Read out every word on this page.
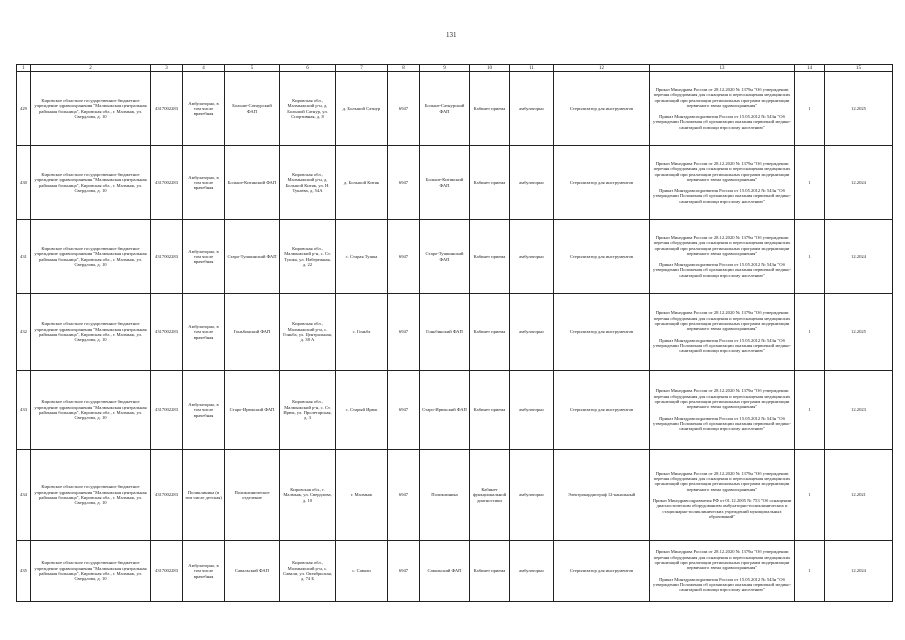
131
1	2	3	4	5	6	7	8	9	10	11	12	13	14	15
429	Кировское областное государственное бюджетное учреждение здравоохранения "Малмыжская центральная районная больница", Кировская обл., г. Малмыж, ул. Свердлова, д. 10	4317002283	Амбулаторно, в том числе врачебная	Больше-Сатнурский ФАП	Кировская обл., Малмыжский р-н, д. Большой Сатнур, ул. Спортивная, д. 8	д. Большой Сатнур	6947	Больше-Сатнурский ФАП	Кабинет приема	амбулаторно	Стерилизатор для инструментов	Приказ Минздрава России от 28.12.2020 № 1379н "Об утверждении перечня оборудования для оснащения и переоснащения медицинских организаций при реализации региональных программ модернизации первичного звена здравоохранения"

Приказ Минздравсоцразвития России от 15.05.2012 № 543н "Об утверждении Положения об организации оказания первичной медико-санитарной помощи взрослому населению"	1	12.2025
430	Кировское областное государственное бюджетное учреждение здравоохранения "Малмыжская центральная районная больница", Кировская обл., г. Малмыж, ул. Свердлова, д. 10	4317002283	Амбулаторно, в том числе врачебная	Больше-Китякский ФАП	Кировская обл., Малмыжский р-н, д. Большой Китяк, ул. Н. Тукаева, д. 54А	д. Большой Китяк	6947	Больше-Китякский ФАП	Кабинет приема	амбулаторно	Стерилизатор для инструментов	Приказ Минздрава России от 28.12.2020 № 1379н "Об утверждении перечня оборудования для оснащения и переоснащения медицинских организаций при реализации региональных программ модернизации первичного звена здравоохранения"

Приказ Минздравсоцразвития России от 15.05.2012 № 543н "Об утверждении Положения об организации оказания первичной медико-санитарной помощи взрослому населению"	1	12.2024
431	Кировское областное государственное бюджетное учреждение здравоохранения "Малмыжская центральная районная больница", Кировская обл., г. Малмыж, ул. Свердлова, д. 10	4317002283	Амбулаторно, в том числе врачебная	Старо-Тушкинский ФАП	Кировская обл., Малмыжский р-н, с. Ст. Тушка, ул. Набережная, д. 22	с. Старая Тушка	6947	Старо-Тушкинский ФАП	Кабинет приема	амбулаторно	Стерилизатор для инструментов	Приказ Минздрава России от 28.12.2020 № 1379н "Об утверждении перечня оборудования для оснащения и переоснащения медицинских организаций при реализации региональных программ модернизации первичного звена здравоохранения"

Приказ Минздравсоцразвития России от 15.05.2012 № 543н "Об утверждении Положения об организации оказания первичной медико-санитарной помощи взрослому населению"	1	12.2024
432	Кировское областное государственное бюджетное учреждение здравоохранения "Малмыжская центральная районная больница", Кировская обл., г. Малмыж, ул. Свердлова, д. 10	4317002283	Амбулаторно, в том числе врачебная	Гоньбинский ФАП	Кировская обл., Малмыжский р-н, с. Гоньба, ул. Центральная, д. 38 А	с. Гоньба	6947	Гоньбинский ФАП	Кабинет приема	амбулаторно	Стерилизатор для инструментов	Приказ Минздрава России от 28.12.2020 № 1379н "Об утверждении перечня оборудования для оснащения и переоснащения медицинских организаций при реализации региональных программ модернизации первичного звена здравоохранения"

Приказ Минздравсоцразвития России от 15.05.2012 № 543н "Об утверждении Положения об организации оказания первичной медико-санитарной помощи взрослому населению"	1	12.2025
433	Кировское областное государственное бюджетное учреждение здравоохранения "Малмыжская центральная районная больница", Кировская обл., г. Малмыж, ул. Свердлова, д. 10	4317002283	Амбулаторно, в том числе врачебная	Старо-Ирюкский ФАП	Кировская обл., Малмыжский р-н, с. Ст. Ирюк, ул. Пролетарская, д. 3	с. Старый Ирюк	6947	Старо-Ирюкский ФАП	Кабинет приема	амбулаторно	Стерилизатор для инструментов	Приказ Минздрава России от 28.12.2020 № 1379н "Об утверждении перечня оборудования для оснащения и переоснащения медицинских организаций при реализации региональных программ модернизации первичного звена здравоохранения"

Приказ Минздравсоцразвития России от 15.05.2012 № 543н "Об утверждении Положения об организации оказания первичной медико-санитарной помощи взрослому населению"	1	12.2023
434	Кировское областное государственное бюджетное учреждение здравоохранения "Малмыжская центральная районная больница", Кировская обл., г. Малмыж, ул. Свердлова, д. 10	4317002283	Поликлиника (в том числе детская)	Поликлиническое отделение	Кировская обл., г. Малмыж, ул. Свердлова, д. 10	г. Малмыж	6947	Поликлиника	Кабинет функциональной диагностики	амбулаторно	Электрокардиограф 12-канальный	Приказ Минздрава России от 28.12.2020 № 1379н "Об утверждении перечня оборудования для оснащения и переоснащения медицинских организаций при реализации региональных программ модернизации первичного звена здравоохранения"

Приказ Минздравсоцразвития РФ от 01.12.2005 № 753 "Об оснащении диагностическим оборудованием амбулаторно-поликлинических и стационарно-поликлинических учреждений муниципальных образований"	1	12.2021
435	Кировское областное государственное бюджетное учреждение здравоохранения "Малмыжская центральная районная больница", Кировская обл., г. Малмыж, ул. Свердлова, д. 10	4317002283	Амбулаторно, в том числе врачебная	Савальский ФАП	Кировская обл., Малмыжский р-н, с. Савали, ул. Октябрьская, д. 74 Б	с. Савали	6947	Савальский ФАП	Кабинет приема	амбулаторно	Стерилизатор для инструментов	Приказ Минздрава России от 28.12.2020 № 1379н "Об утверждении перечня оборудования для оснащения и переоснащения медицинских организаций при реализации региональных программ модернизации первичного звена здравоохранения"

Приказ Минздравсоцразвития России от 15.05.2012 № 543н "Об утверждении Положения об организации оказания первичной медико-санитарной помощи взрослому населению"	1	12.2024
